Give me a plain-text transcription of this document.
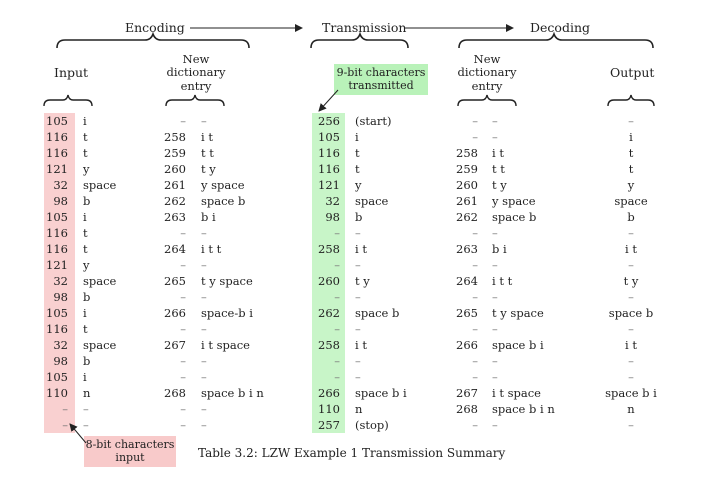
Encoding	Transmission	Decoding
Input
New
dictionary
entry
New
dictionary
entry
Output
9-bit characters
transmitted
8-bit characters
input	Table 3.2: LZW Example 1 Transmission Summary
105 i	– –	256 (start)	– –	–
116 t	258 i t	105 i	– –	i
116 t	259 t t	116 t	258 i t	t
121 y	260 t y	116 t	259 t t	t
32 space	261 y space	121 y	260 t y	y
98 b	262 space b	32 space	261 y space	space
105 i	263 b i	98 b	262 space b	b
116 t	– –	– –	– –	–
116 t	264 i t t	258 i t	263 b i	i t
121 y	– –	– –	– –	–
32 space	265 t y space	260 t y	264 i t t	t y
98 b	– –	– –	– –	–
105 i	266 space-b i	262 space b	265 t y space	space b
116 t	– –	– –	– –	–
32 space	267 i t space	258 i t	266 space b i	i t
98 b	– –	– –	– –	–
105 i	– –	– –	– –	–
110 n	268 space b i n	266 space b i	267 i t space	space b i
– –	– –	110 n	268 space b i n	n
– –	– –	257 (stop)	– –	–
